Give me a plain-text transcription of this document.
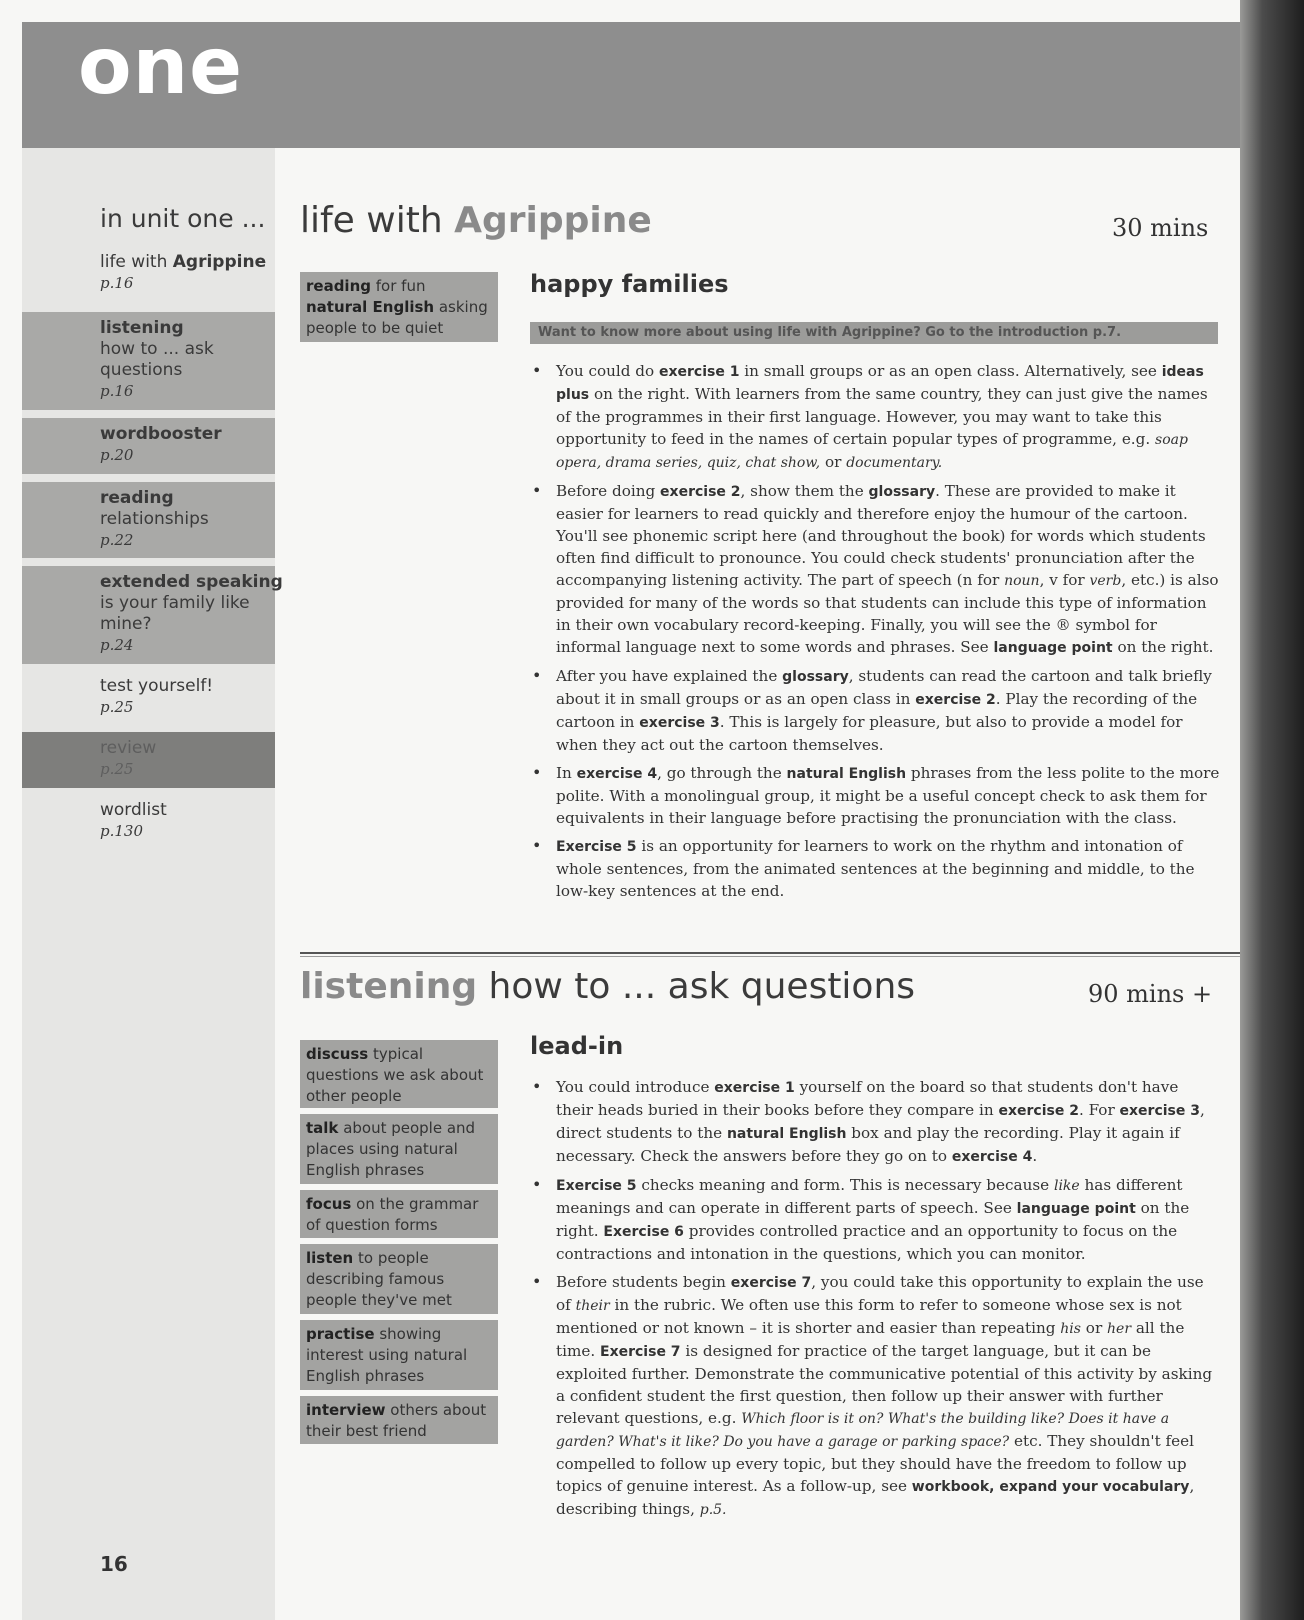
one
in unit one ...
life with Agrippine
p.16
listening
how to ... ask questions
p.16
wordbooster
p.20
reading
relationships
p.22
extended speaking
is your family like mine?
p.24
test yourself!
p.25
review
p.25
wordlist
p.130
life with Agrippine	30 mins
reading for fun
natural English asking people to be quiet
happy families
Want to know more about using life with Agrippine? Go to the introduction p.7.
• You could do exercise 1 in small groups or as an open class. Alternatively, see ideas plus on the right. With learners from the same country, they can just give the names of the programmes in their first language. However, you may want to take this opportunity to feed in the names of certain popular types of programme, e.g. soap opera, drama series, quiz, chat show, or documentary.
• Before doing exercise 2, show them the glossary. These are provided to make it easier for learners to read quickly and therefore enjoy the humour of the cartoon. You'll see phonemic script here (and throughout the book) for words which students often find difficult to pronounce. You could check students' pronunciation after the accompanying listening activity. The part of speech (n for noun, v for verb, etc.) is also provided for many of the words so that students can include this type of information in their own vocabulary record-keeping. Finally, you will see the ® symbol for informal language next to some words and phrases. See language point on the right.
• After you have explained the glossary, students can read the cartoon and talk briefly about it in small groups or as an open class in exercise 2. Play the recording of the cartoon in exercise 3. This is largely for pleasure, but also to provide a model for when they act out the cartoon themselves.
• In exercise 4, go through the natural English phrases from the less polite to the more polite. With a monolingual group, it might be a useful concept check to ask them for equivalents in their language before practising the pronunciation with the class.
• Exercise 5 is an opportunity for learners to work on the rhythm and intonation of whole sentences, from the animated sentences at the beginning and middle, to the low-key sentences at the end.
listening how to ... ask questions	90 mins +
discuss typical questions we ask about other people
talk about people and places using natural English phrases
focus on the grammar of question forms
listen to people describing famous people they've met
practise showing interest using natural English phrases
interview others about their best friend
lead-in
• You could introduce exercise 1 yourself on the board so that students don't have their heads buried in their books before they compare in exercise 2. For exercise 3, direct students to the natural English box and play the recording. Play it again if necessary. Check the answers before they go on to exercise 4.
• Exercise 5 checks meaning and form. This is necessary because like has different meanings and can operate in different parts of speech. See language point on the right. Exercise 6 provides controlled practice and an opportunity to focus on the contractions and intonation in the questions, which you can monitor.
• Before students begin exercise 7, you could take this opportunity to explain the use of their in the rubric. We often use this form to refer to someone whose sex is not mentioned or not known – it is shorter and easier than repeating his or her all the time. Exercise 7 is designed for practice of the target language, but it can be exploited further. Demonstrate the communicative potential of this activity by asking a confident student the first question, then follow up their answer with further relevant questions, e.g. Which floor is it on? What's the building like? Does it have a garden? What's it like? Do you have a garage or parking space? etc. They shouldn't feel compelled to follow up every topic, but they should have the freedom to follow up topics of genuine interest. As a follow-up, see workbook, expand your vocabulary, describing things, p.5.
16
